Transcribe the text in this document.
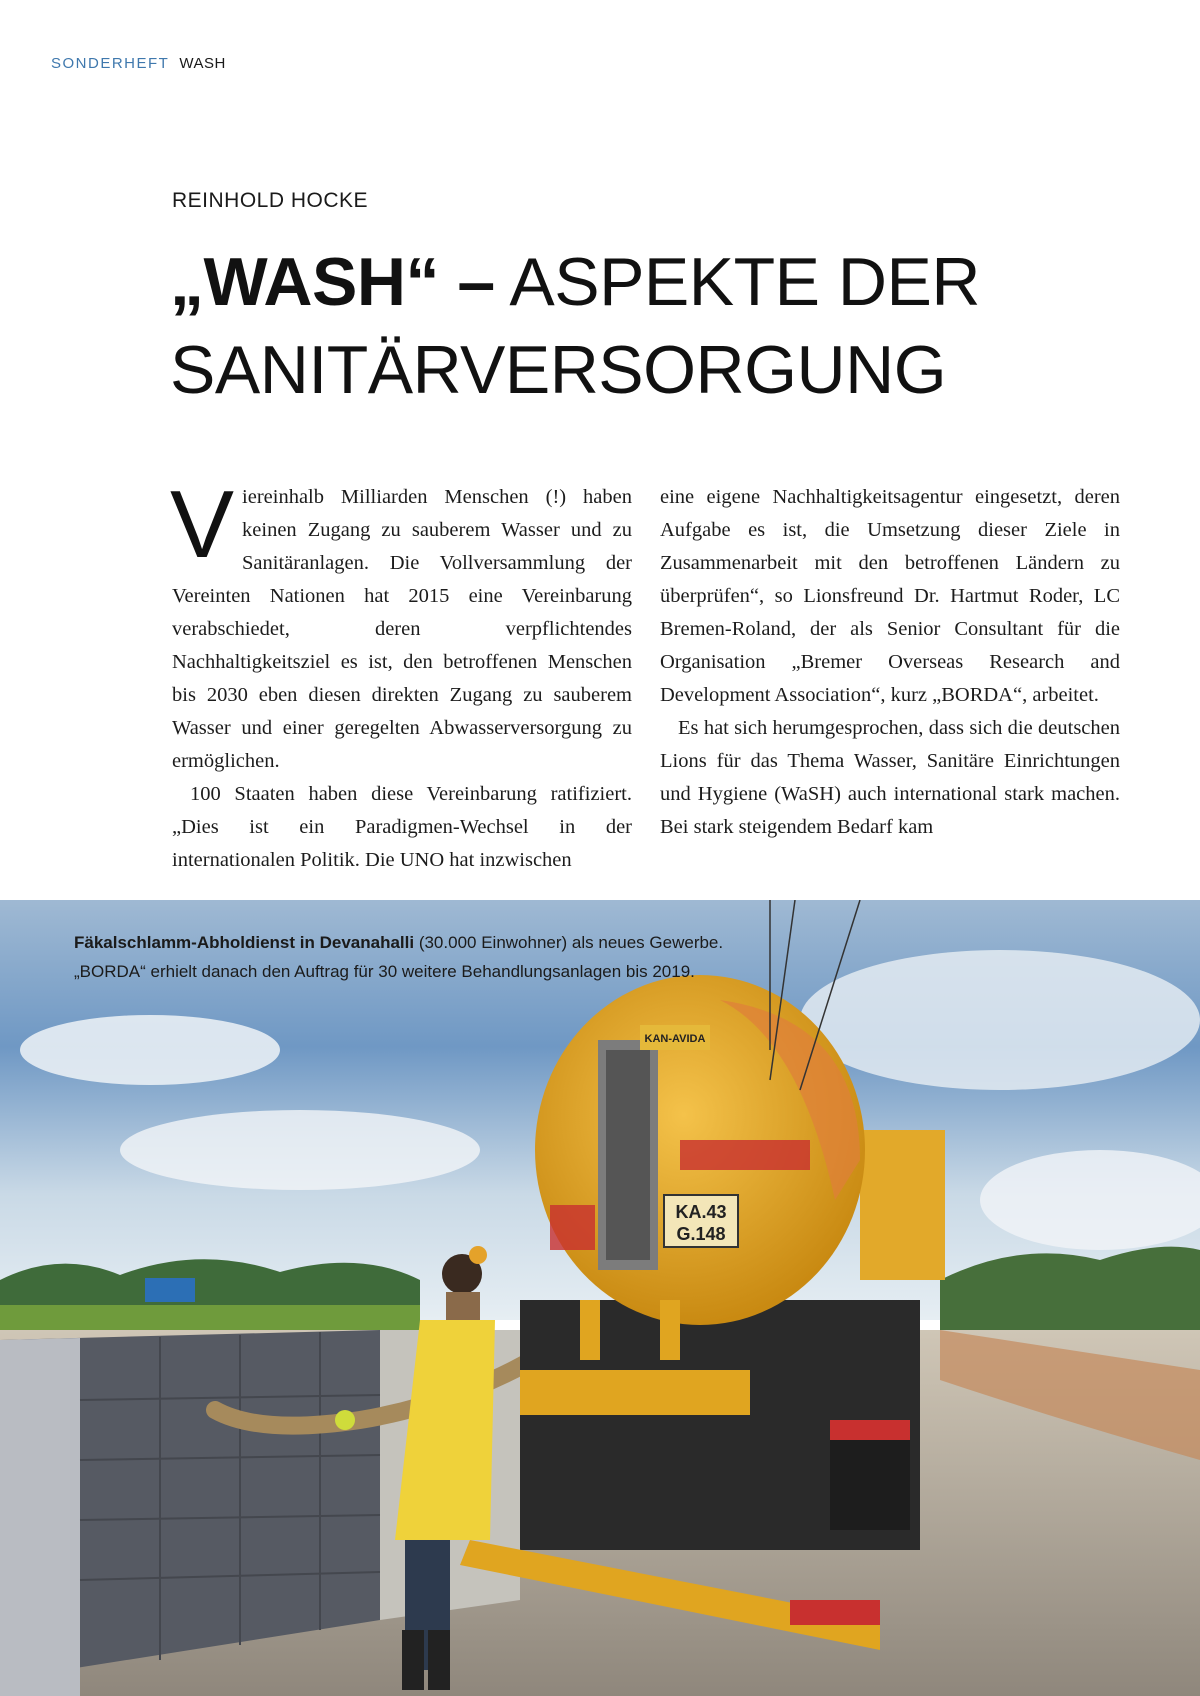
SONDERHEFT WASH
REINHOLD HOCKE
„WASH“ – ASPEKTE DER
SANITÄRVERSORGUNG

Viereinhalb Milliarden Menschen (!) haben keinen Zugang zu sauberem Wasser und zu Sanitäranlagen. Die Vollversammlung der Vereinten Nationen hat 2015 eine Vereinbarung verabschiedet, deren verpflichtendes Nachhaltigkeitsziel es ist, den betroffenen Menschen bis 2030 eben diesen direkten Zugang zu sauberem Wasser und einer geregelten Abwasserversorgung zu ermöglichen.

100 Staaten haben diese Vereinbarung ratifiziert. „Dies ist ein Paradigmen-Wechsel in der internationalen Politik. Die UNO hat inzwischen

eine eigene Nachhaltigkeitsagentur eingesetzt, deren Aufgabe es ist, die Umsetzung dieser Ziele in Zusammenarbeit mit den betroffenen Ländern zu überprüfen“, so Lionsfreund Dr. Hartmut Roder, LC Bremen-Roland, der als Senior Consultant für die Organisation „Bremer Overseas Research and Development Association“, kurz „BORDA“, arbeitet.

Es hat sich herumgesprochen, dass sich die deutschen Lions für das Thema Wasser, Sanitäre Einrichtungen und Hygiene (WaSH) auch international stark machen. Bei stark steigendem Bedarf kam

KA.43
G.148
KAN-AVIDA
Fäkalschlamm-Abholdienst in Devanahalli (30.000 Einwohner) als neues Gewerbe.
„BORDA“ erhielt danach den Auftrag für 30 weitere Behandlungsanlagen bis 2019.
